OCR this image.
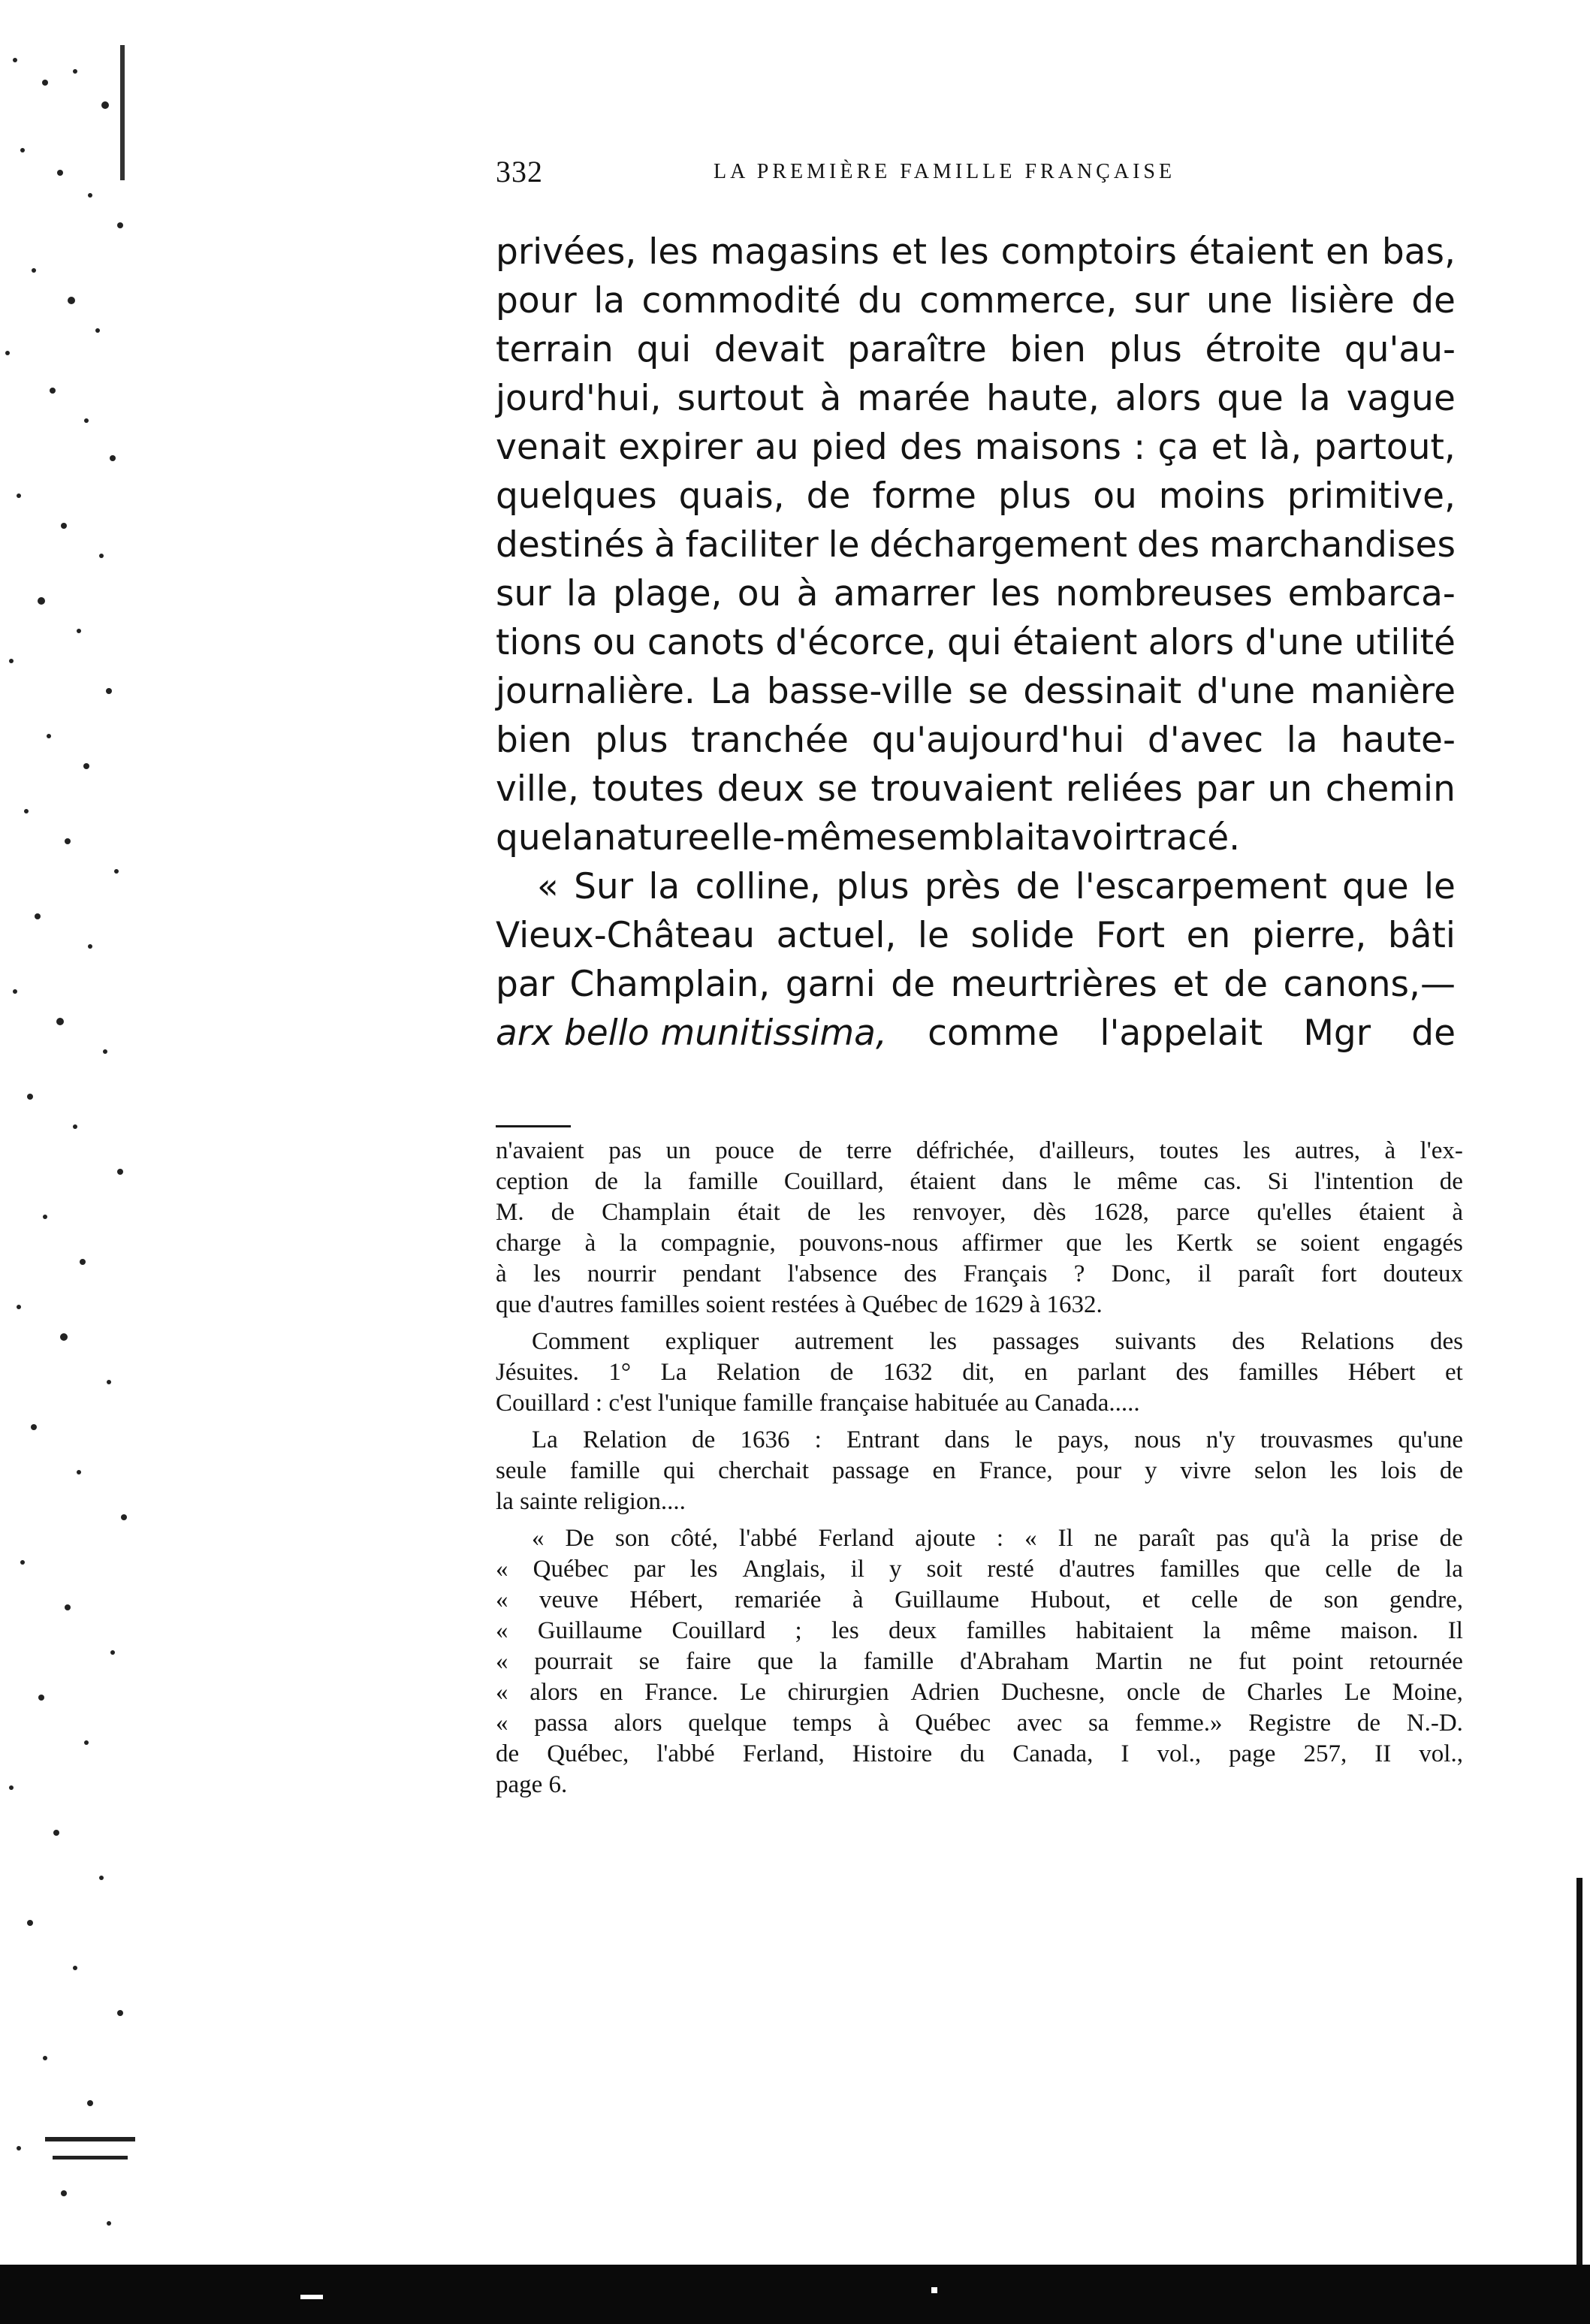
332	LA PREMIÈRE FAMILLE FRANÇAISE
privées, les magasins et les comptoirs étaient en bas,
pour la commodité du commerce, sur une lisière de
terrain qui devait paraître bien plus étroite qu'au-
jourd'hui, surtout à marée haute, alors que la vague
venait expirer au pied des maisons : ça et là, partout,
quelques quais, de forme plus ou moins primitive,
destinés à faciliter le déchargement des marchandises
sur la plage, ou à amarrer les nombreuses embarca-
tions ou canots d'écorce, qui étaient alors d'une utilité
journalière. La basse-ville se dessinait d'une manière
bien plus tranchée qu'aujourd'hui d'avec la haute-
ville, toutes deux se trouvaient reliées par un chemin
que la nature elle-même semblait avoir tracé.
« Sur la colline, plus près de l'escarpement que le
Vieux-Château actuel, le solide Fort en pierre, bâti
par Champlain, garni de meurtrières et de canons,—
arx bello munitissima, comme l'appelait Mgr de
n'avaient pas un pouce de terre défrichée, d'ailleurs, toutes les autres, à l'ex-
ception de la famille Couillard, étaient dans le même cas. Si l'intention de
M. de Champlain était de les renvoyer, dès 1628, parce qu'elles étaient à
charge à la compagnie, pouvons-nous affirmer que les Kertk se soient engagés
à les nourrir pendant l'absence des Français ? Donc, il paraît fort douteux
que d'autres familles soient restées à Québec de 1629 à 1632.
Comment expliquer autrement les passages suivants des Relations des
Jésuites. 1° La Relation de 1632 dit, en parlant des familles Hébert et
Couillard : c'est l'unique famille française habituée au Canada.....
La Relation de 1636 : Entrant dans le pays, nous n'y trouvasmes qu'une
seule famille qui cherchait passage en France, pour y vivre selon les lois de
la sainte religion....
« De son côté, l'abbé Ferland ajoute : « Il ne paraît pas qu'à la prise de
« Québec par les Anglais, il y soit resté d'autres familles que celle de la
« veuve Hébert, remariée à Guillaume Hubout, et celle de son gendre,
« Guillaume Couillard ; les deux familles habitaient la même maison. Il
« pourrait se faire que la famille d'Abraham Martin ne fut point retournée
« alors en France. Le chirurgien Adrien Duchesne, oncle de Charles Le Moine,
« passa alors quelque temps à Québec avec sa femme.» Registre de N.-D.
de Québec, l'abbé Ferland, Histoire du Canada, I vol., page 257, II vol.,
page 6.
